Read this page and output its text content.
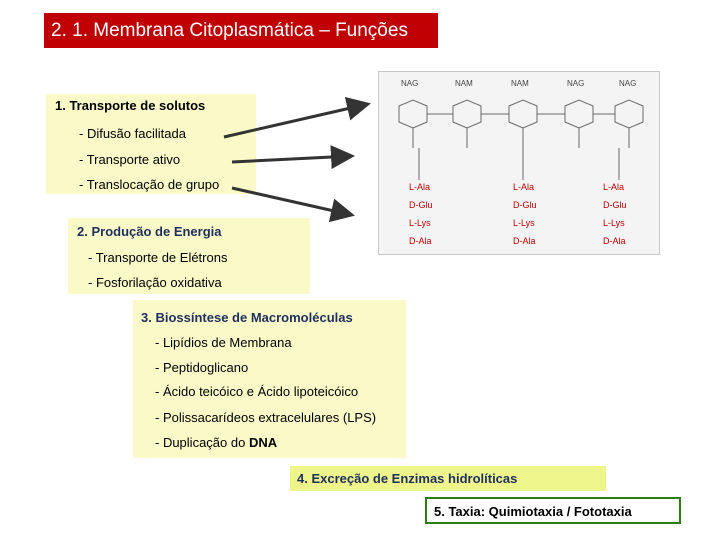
2. 1. Membrana Citoplasmática – Funções
1. Transporte de solutos
- Difusão facilitada
- Transporte ativo
- Translocação de grupo
2. Produção de Energia
- Transporte de Elétrons
- Fosforilação oxidativa
3. Biossíntese de Macromoléculas
- Lipídios de Membrana
- Peptidoglicano
- Ácido teicóico e Ácido lipoteicóico
- Polissacarídeos extracelulares (LPS)
- Duplicação do DNA
4. Excreção de Enzimas hidrolíticas
5. Taxia: Quimiotaxia / Fototaxia
NAG	NAM	NAM	NAG	NAG
L-Ala
D-Glu
L-Lys
D-Ala
L-Ala
D-Glu
L-Lys
D-Ala
L-Ala
D-Glu
L-Lys
D-Ala
